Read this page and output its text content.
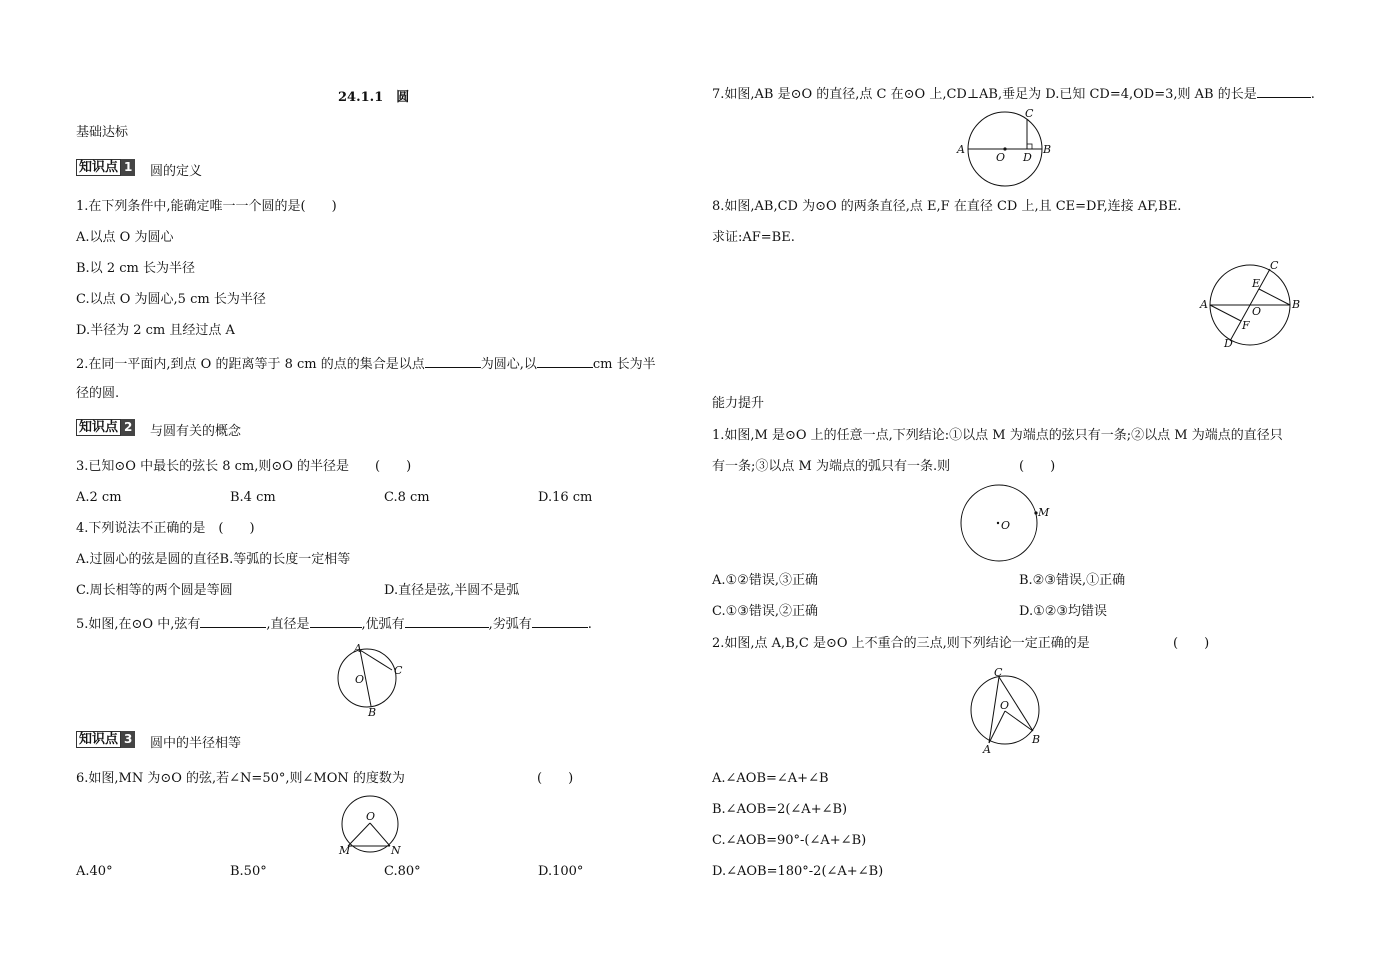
24.1.1　圆
基础达标
知识点 1 圆的定义
1.在下列条件中,能确定唯一一个圆的是(　　)
A.以点 O 为圆心
B.以 2 cm 长为半径
C.以点 O 为圆心,5 cm 长为半径
D.半径为 2 cm 且经过点 A
2.在同一平面内,到点 O 的距离等于 8 cm 的点的集合是以点	为圆心,以	cm 长为半
径的圆.
知识点 2 与圆有关的概念
3.已知⊙O 中最长的弦长 8 cm,则⊙O 的半径是　　(　　)
A.2 cm	B.4 cm	C.8 cm	D.16 cm
4.下列说法不正确的是　(　　)
A.过圆心的弦是圆的直径B.等弧的长度一定相等
C.周长相等的两个圆是等圆	D.直径是弦,半圆不是弧
5.如图,在⊙O 中,弦有	,直径是	,优弧有	,劣弧有	.
A
C
B
O
知识点 3 圆中的半径相等
6.如图,MN 为⊙O 的弦,若∠N=50°,则∠MON 的度数为	(　　)
O
M	N
A.40°	B.50°	C.80°	D.100°
7.如图,AB 是⊙O 的直径,点 C 在⊙O 上,CD⊥AB,垂足为 D.已知 CD=4,OD=3,则 AB 的长是	.
A	B
C
D
O
8.如图,AB,CD 为⊙O 的两条直径,点 E,F 在直径 CD 上,且 CE=DF,连接 AF,BE.
求证:AF=BE.
C
E
A	B
O
F
D
能力提升
1.如图,M 是⊙O 上的任意一点,下列结论:①以点 M 为端点的弦只有一条;②以点 M 为端点的直径只
有一条;③以点 M 为端点的弧只有一条.则	(　　)
M
O
A.①②错误,③正确	B.②③错误,①正确
C.①③错误,②正确	D.①②③均错误
2.如图,点 A,B,C 是⊙O 上不重合的三点,则下列结论一定正确的是	(　　)
C
O
A
B
A.∠AOB=∠A+∠B
B.∠AOB=2(∠A+∠B)
C.∠AOB=90°-(∠A+∠B)
D.∠AOB=180°-2(∠A+∠B)
